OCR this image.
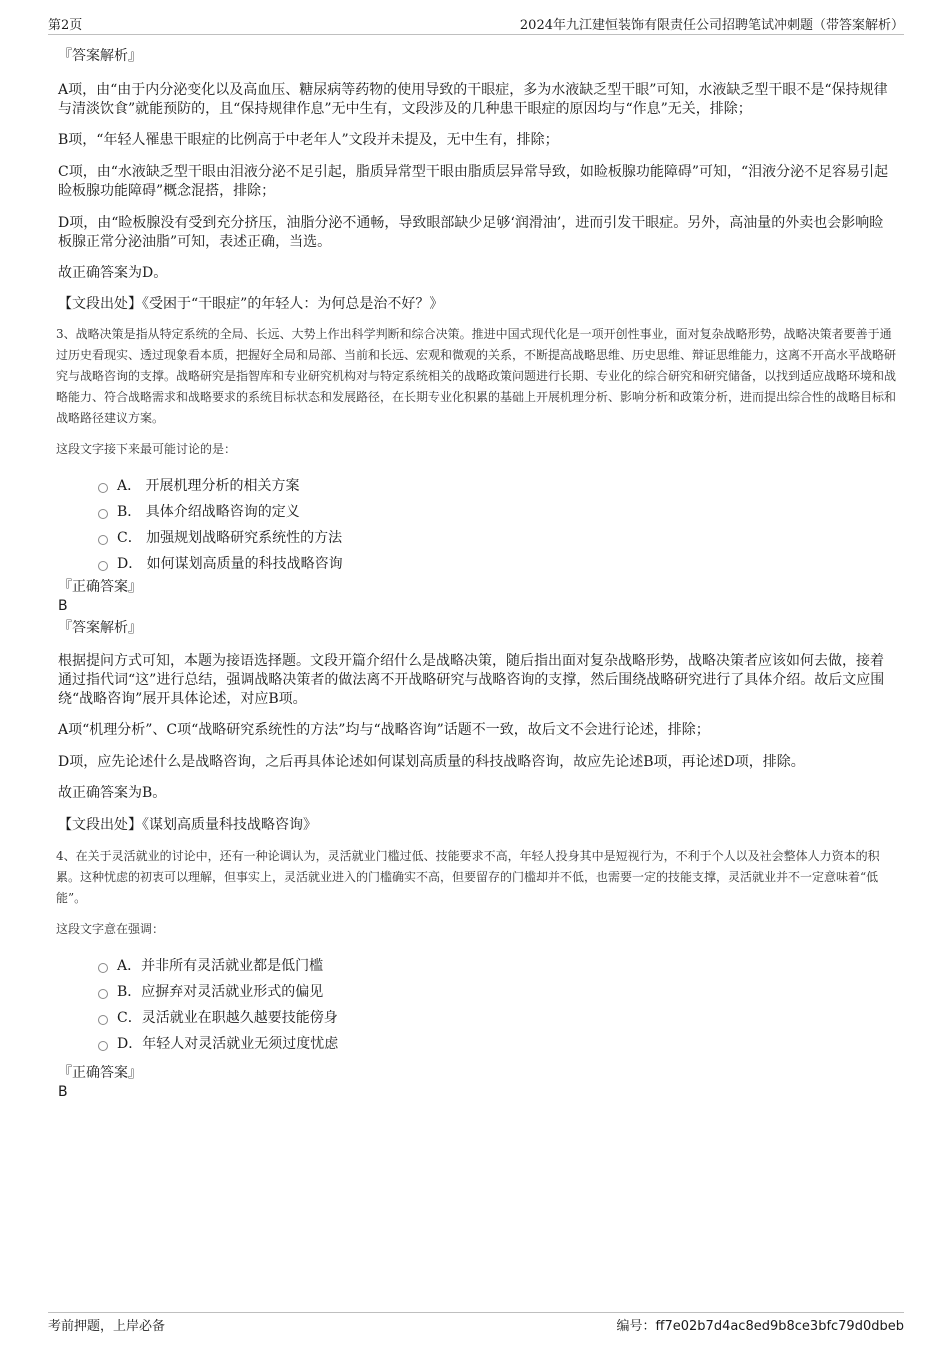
第2页	2024年九江建恒装饰有限责任公司招聘笔试冲刺题（带答案解析）
『答案解析』

A项，由“由于内分泌变化以及高血压、糖尿病等药物的使用导致的干眼症，多为水液缺乏型干眼”可知，水液缺乏型干眼不是“保持规律与清淡饮食”就能预防的，且“保持规律作息”无中生有，文段涉及的几种患干眼症的原因均与“作息”无关，排除；

B项，“年轻人罹患干眼症的比例高于中老年人”文段并未提及，无中生有，排除；

C项，由“水液缺乏型干眼由泪液分泌不足引起，脂质异常型干眼由脂质层异常导致，如睑板腺功能障碍”可知，“泪液分泌不足容易引起睑板腺功能障碍”概念混搭，排除；

D项，由“睑板腺没有受到充分挤压，油脂分泌不通畅，导致眼部缺少足够‘润滑油’，进而引发干眼症。另外，高油量的外卖也会影响睑板腺正常分泌油脂”可知，表述正确，当选。

故正确答案为D。

【文段出处】《受困于“干眼症”的年轻人：为何总是治不好？》

3、战略决策是指从特定系统的全局、长远、大势上作出科学判断和综合决策。推进中国式现代化是一项开创性事业，面对复杂战略形势，战略决策者要善于通过历史看现实、透过现象看本质，把握好全局和局部、当前和长远、宏观和微观的关系，不断提高战略思维、历史思维、辩证思维能力，这离不开高水平战略研究与战略咨询的支撑。战略研究是指智库和专业研究机构对与特定系统相关的战略政策问题进行长期、专业化的综合研究和研究储备，以找到适应战略环境和战略能力、符合战略需求和战略要求的系统目标状态和发展路径，在长期专业化积累的基础上开展机理分析、影响分析和政策分析，进而提出综合性的战略目标和战略路径建议方案。

这段文字接下来最可能讨论的是：

A． 开展机理分析的相关方案
B． 具体介绍战略咨询的定义
C． 加强规划战略研究系统性的方法
D． 如何谋划高质量的科技战略咨询
『正确答案』
B
『答案解析』

根据提问方式可知，本题为接语选择题。文段开篇介绍什么是战略决策，随后指出面对复杂战略形势，战略决策者应该如何去做，接着通过指代词“这”进行总结，强调战略决策者的做法离不开战略研究与战略咨询的支撑，然后围绕战略研究进行了具体介绍。故后文应围绕“战略咨询”展开具体论述，对应B项。

A项“机理分析”、C项“战略研究系统性的方法”均与“战略咨询”话题不一致，故后文不会进行论述，排除；

D项，应先论述什么是战略咨询，之后再具体论述如何谋划高质量的科技战略咨询，故应先论述B项，再论述D项，排除。

故正确答案为B。

【文段出处】《谋划高质量科技战略咨询》

4、在关于灵活就业的讨论中，还有一种论调认为，灵活就业门槛过低、技能要求不高，年轻人投身其中是短视行为，不利于个人以及社会整体人力资本的积累。这种忧虑的初衷可以理解，但事实上，灵活就业进入的门槛确实不高，但要留存的门槛却并不低，也需要一定的技能支撑，灵活就业并不一定意味着“低能”。

这段文字意在强调：

A．并非所有灵活就业都是低门槛
B．应摒弃对灵活就业形式的偏见
C．灵活就业在职越久越要技能傍身
D．年轻人对灵活就业无须过度忧虑
『正确答案』
B
考前押题，上岸必备	编号：ff7e02b7d4ac8ed9b8ce3bfc79d0dbeb
